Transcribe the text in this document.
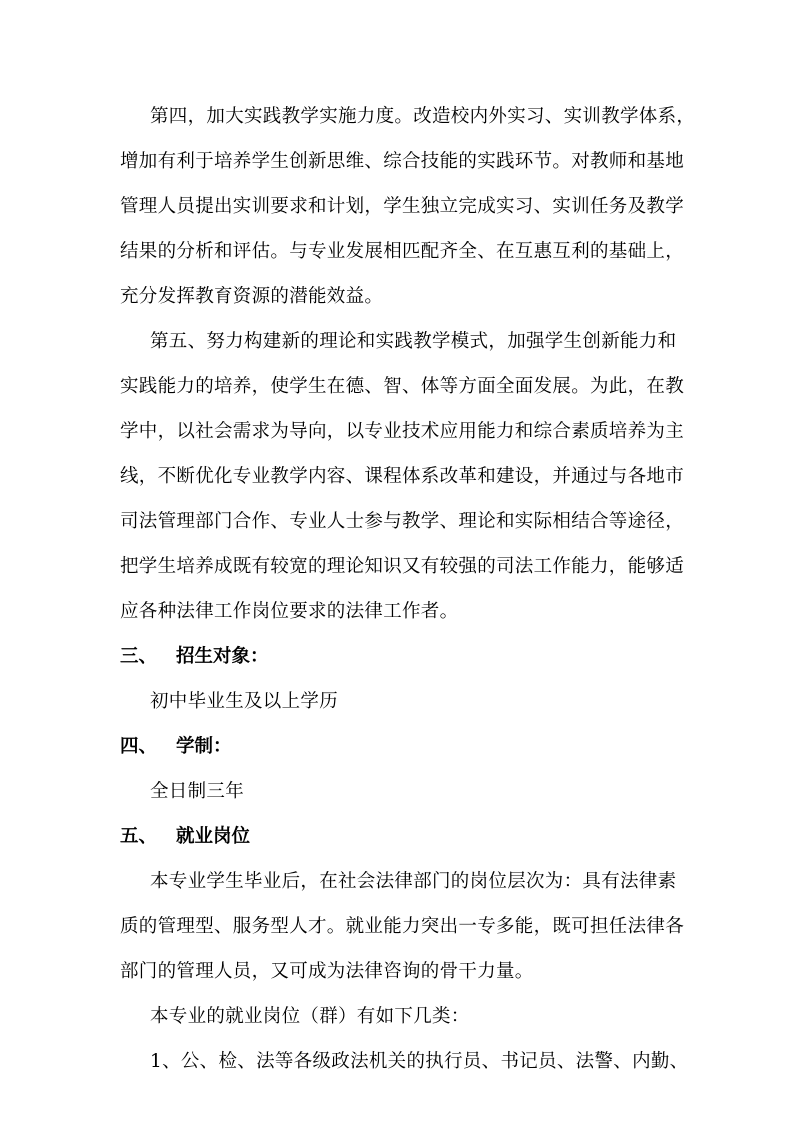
第四，加大实践教学实施力度。改造校内外实习、实训教学体系，
增加有利于培养学生创新思维、综合技能的实践环节。对教师和基地
管理人员提出实训要求和计划，学生独立完成实习、实训任务及教学
结果的分析和评估。与专业发展相匹配齐全、在互惠互利的基础上，
充分发挥教育资源的潜能效益。
第五、努力构建新的理论和实践教学模式，加强学生创新能力和
实践能力的培养，使学生在德、智、体等方面全面发展。为此，在教
学中，以社会需求为导向，以专业技术应用能力和综合素质培养为主
线，不断优化专业教学内容、课程体系改革和建设，并通过与各地市
司法管理部门合作、专业人士参与教学、理论和实际相结合等途径，
把学生培养成既有较宽的理论知识又有较强的司法工作能力，能够适
应各种法律工作岗位要求的法律工作者。
三、 招生对象：
初中毕业生及以上学历
四、 学制：
全日制三年
五、 就业岗位
本专业学生毕业后，在社会法律部门的岗位层次为：具有法律素
质的管理型、服务型人才。就业能力突出一专多能，既可担任法律各
部门的管理人员，又可成为法律咨询的骨干力量。
本专业的就业岗位（群）有如下几类：
1、公、检、法等各级政法机关的执行员、书记员、法警、内勤、
